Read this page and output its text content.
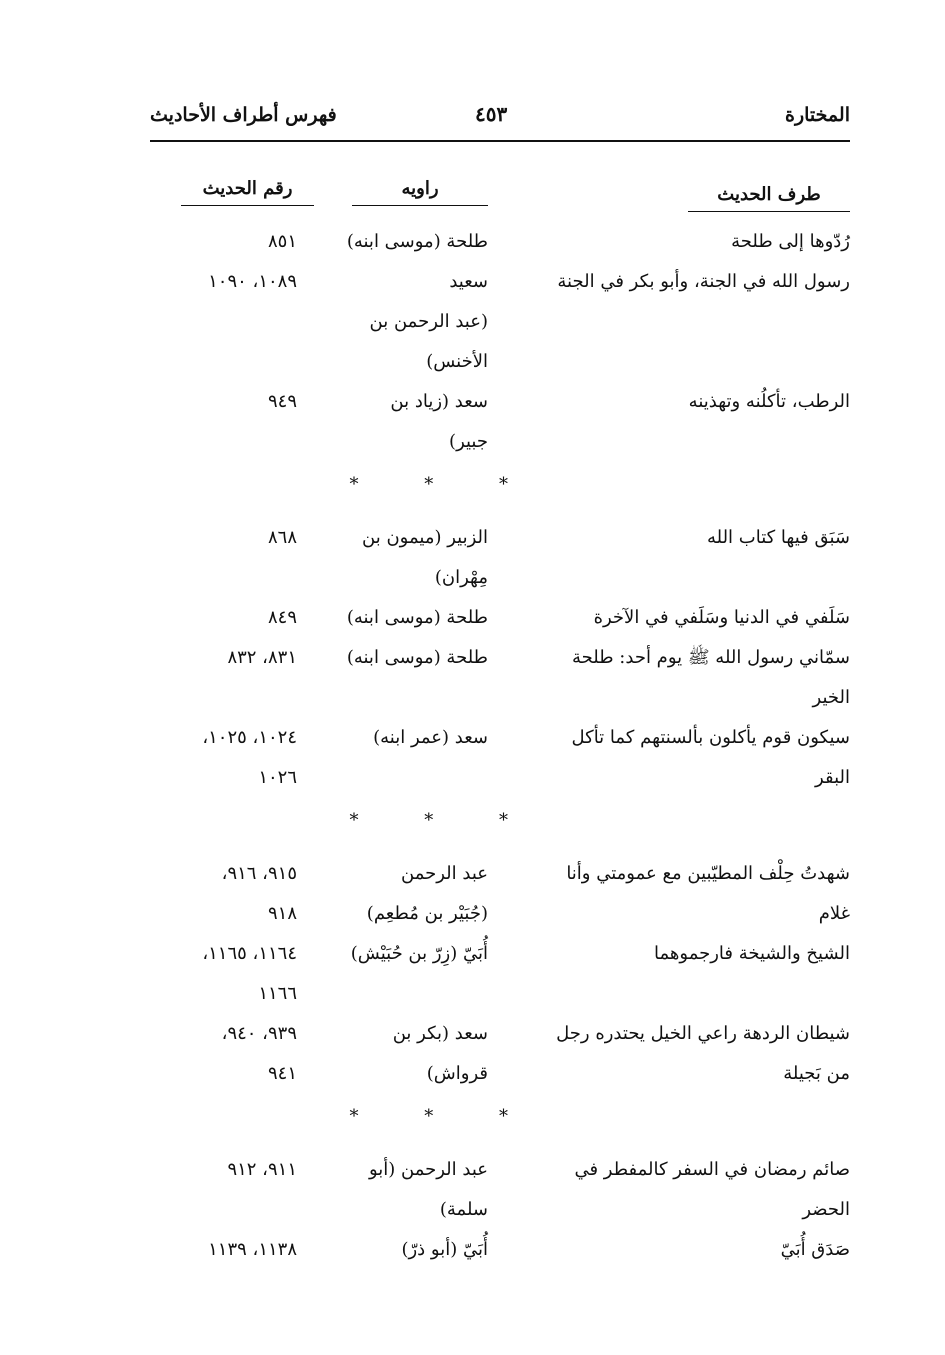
المختارة
٤٥٣
فهرس أطراف الأحاديث
طرف الحديث
راويه
رقم الحديث
رُدّوها إلى طلحة
طلحة (موسى ابنه)
٨٥١
رسول الله في الجنة، وأبو بكر في الجنة
سعيد
١٠٨٩، ١٠٩٠
(عبد الرحمن بن
الأخنس)
الرطب، تأكلُنه وتهذينه
سعد (زياد بن
٩٤٩
جبير)
* * *
سَبَق فيها كتاب الله
الزبير (ميمون بن
٨٦٨
مِهْران)
سَلَفي في الدنيا وسَلَفي في الآخرة
طلحة (موسى ابنه)
٨٤٩
سمّاني رسول الله ﷺ يوم أحد: طلحة
طلحة (موسى ابنه)
٨٣١، ٨٣٢
الخير
سيكون قوم يأكلون بألسنتهم كما تأكل
سعد (عمر ابنه)
١٠٢٤، ١٠٢٥،
البقر
١٠٢٦
* * *
شهدتُ حِلْف المطيّبين مع عمومتي وأنا
عبد الرحمن
٩١٥، ٩١٦،
غلام
(جُبَيْر بن مُطعِم)
٩١٨
الشيخ والشيخة فارجموهما
أُبَيّ (زِرّ بن حُبَيْش)
١١٦٤، ١١٦٥،
١١٦٦
شيطان الردهة راعي الخيل يحتدره رجل
سعد (بكر بن
٩٣٩، ٩٤٠،
من بَجيلة
قرواش)
٩٤١
* * *
صائم رمضان في السفر كالمفطر في
عبد الرحمن (أبو
٩١١، ٩١٢
الحضر
سلمة)
صَدَق أُبَيّ
أُبَيّ (أبو ذرّ)
١١٣٨، ١١٣٩
